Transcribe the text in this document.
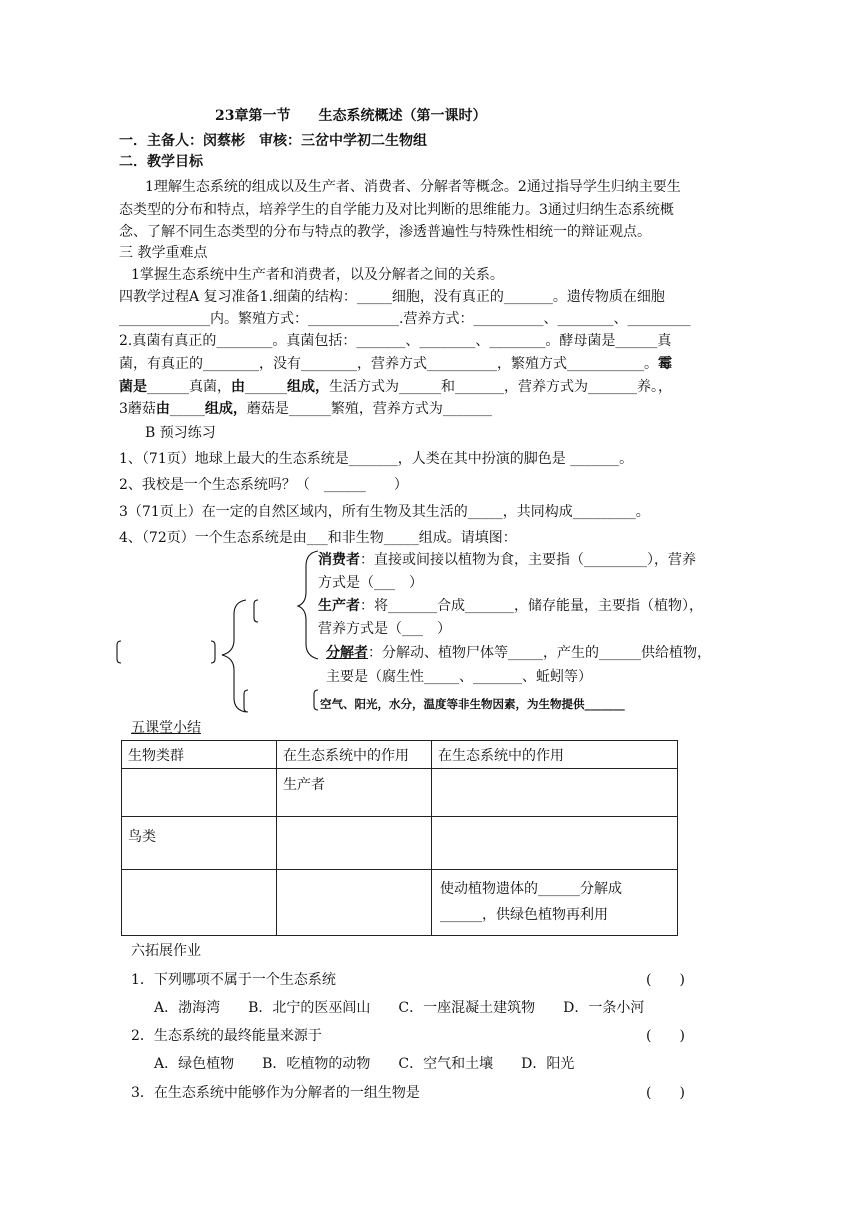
23章第一节　　生态系统概述（第一课时）
一．主备人：闵蔡彬　审核：三岔中学初二生物组
二．教学目标
1理解生态系统的组成以及生产者、消费者、分解者等概念。2通过指导学生归纳主要生
态类型的分布和特点，培养学生的自学能力及对比判断的思维能力。3通过归纳生态系统概
念、了解不同生态类型的分布与特点的教学，渗透普遍性与特殊性相统一的辩证观点。
三 教学重难点
1掌握生态系统中生产者和消费者，以及分解者之间的关系。
四教学过程A 复习准备1.细菌的结构：_____细胞，没有真正的_______。遗传物质在细胞
_____________内。繁殖方式：_____________.营养方式：__________、________、_________
2.真菌有真正的________。真菌包括：_______、________、________。酵母菌是______真
菌，有真正的________，没有________，营养方式__________，繁殖方式___________。霉
菌是______真菌，由______组成，生活方式为______和_______，营养方式为_______养。，
3蘑菇由_____组成，蘑菇是______繁殖，营养方式为_______
B 预习练习
1、（71页）地球上最大的生态系统是_______，人类在其中扮演的脚色是 _______。
2、我校是一个生态系统吗？（　______　　）
3（71页上）在一定的自然区域内，所有生物及其生活的_____，共同构成_________。
4、（72页）一个生态系统是由___和非生物_____组成。请填图：
消费者：直接或间接以植物为食，主要指（_________），营养
方式是（___　）
生产者：将_______合成_______，储存能量，主要指（植物），
营养方式是（___　）
分解者：分解动、植物尸体等_____，产生的______供给植物，
主要是（腐生性_____、_______、蚯蚓等）
空气、阳光，水分，温度等非生物因素，为生物提供_______
五课堂小结
生物类群	在生态系统中的作用	在生态系统中的作用
	生产者	
鸟类		

		使动植物遗体的______分解成
______，供绿色植物再利用
六拓展作业
1．下列哪项不属于一个生态系统	(　　)
A．渤海湾　　B．北宁的医巫闾山　　C．一座混凝土建筑物　　D．一条小河
2．生态系统的最终能量来源于	(　　)
A．绿色植物　　B．吃植物的动物　　C．空气和土壤　　D．阳光
3．在生态系统中能够作为分解者的一组生物是	(　　)
